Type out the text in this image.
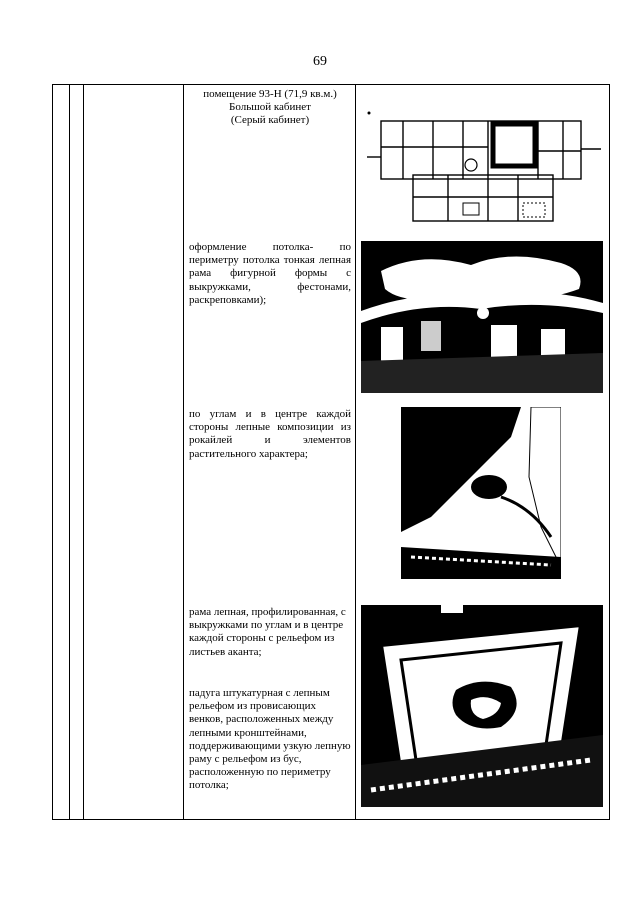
69
помещение 93-Н (71,9 кв.м.)
Большой кабинет
(Серый кабинет)
оформление потолка- по периметру потолка тонкая лепная рама фигурной формы с выкружками, фестонами, раскреповками);
по углам и в центре каждой стороны лепные композиции из рокайлей и элементов растительного характера;
рама лепная, профилированная, с выкружками по углам и в центре каждой стороны с рельефом из листьев аканта;
падуга штукатурная с лепным рельефом из провисающих венков, расположенных между лепными кронштейнами, поддерживающими узкую лепную раму с рельефом из бус, расположенную по периметру потолка;
